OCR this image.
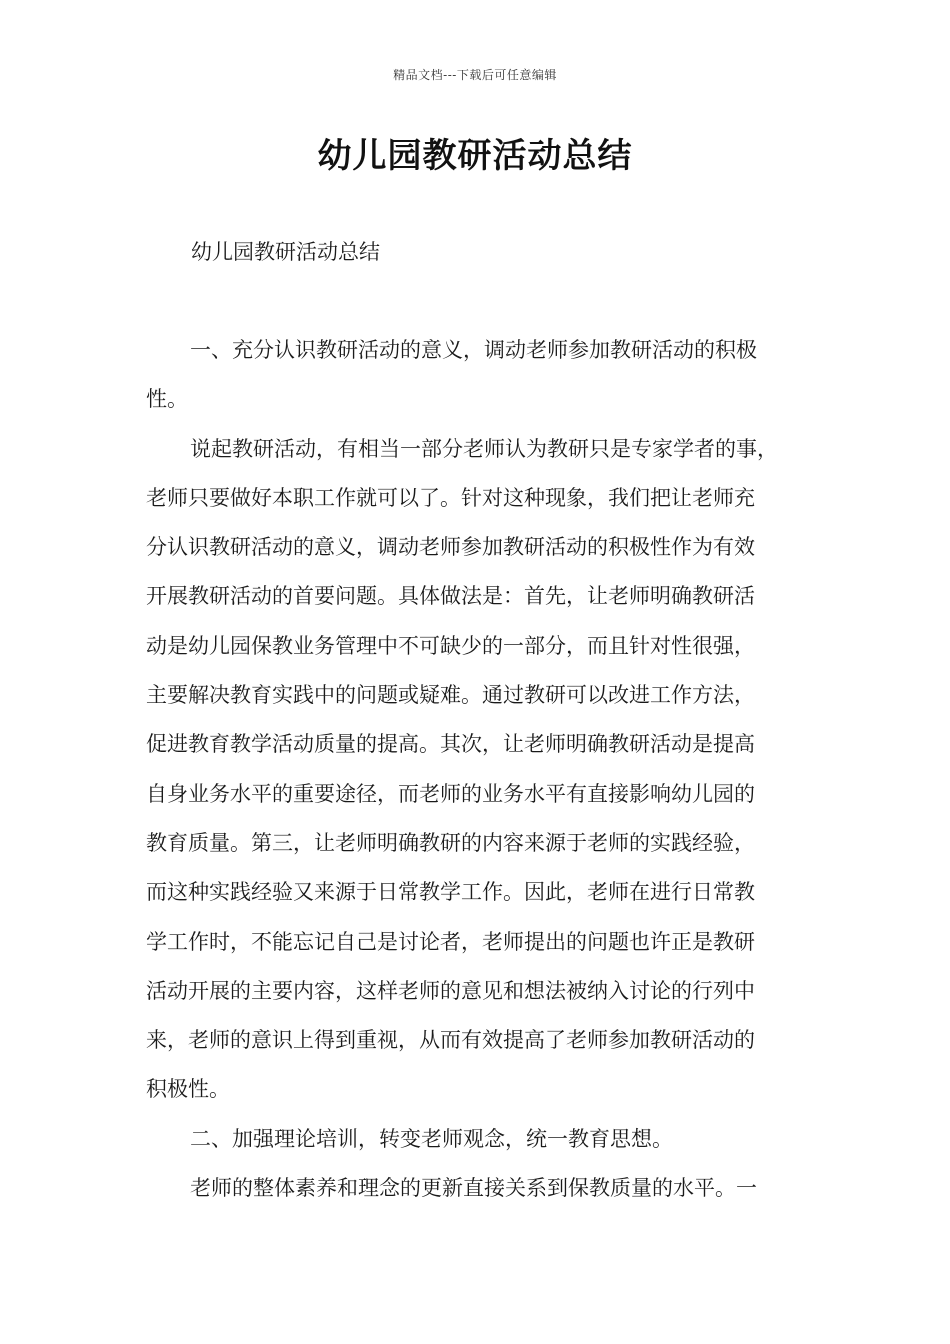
精品文档---下载后可任意编辑
幼儿园教研活动总结
幼儿园教研活动总结
一、充分认识教研活动的意义，调动老师参加教研活动的积极
性。
说起教研活动，有相当一部分老师认为教研只是专家学者的事，
老师只要做好本职工作就可以了。针对这种现象，我们把让老师充
分认识教研活动的意义，调动老师参加教研活动的积极性作为有效
开展教研活动的首要问题。具体做法是：首先，让老师明确教研活
动是幼儿园保教业务管理中不可缺少的一部分，而且针对性很强，
主要解决教育实践中的问题或疑难。通过教研可以改进工作方法，
促进教育教学活动质量的提高。其次，让老师明确教研活动是提高
自身业务水平的重要途径，而老师的业务水平有直接影响幼儿园的
教育质量。第三，让老师明确教研的内容来源于老师的实践经验，
而这种实践经验又来源于日常教学工作。因此，老师在进行日常教
学工作时，不能忘记自己是讨论者，老师提出的问题也许正是教研
活动开展的主要内容，这样老师的意见和想法被纳入讨论的行列中
来，老师的意识上得到重视，从而有效提高了老师参加教研活动的
积极性。
二、加强理论培训，转变老师观念，统一教育思想。
老师的整体素养和理念的更新直接关系到保教质量的水平。一
